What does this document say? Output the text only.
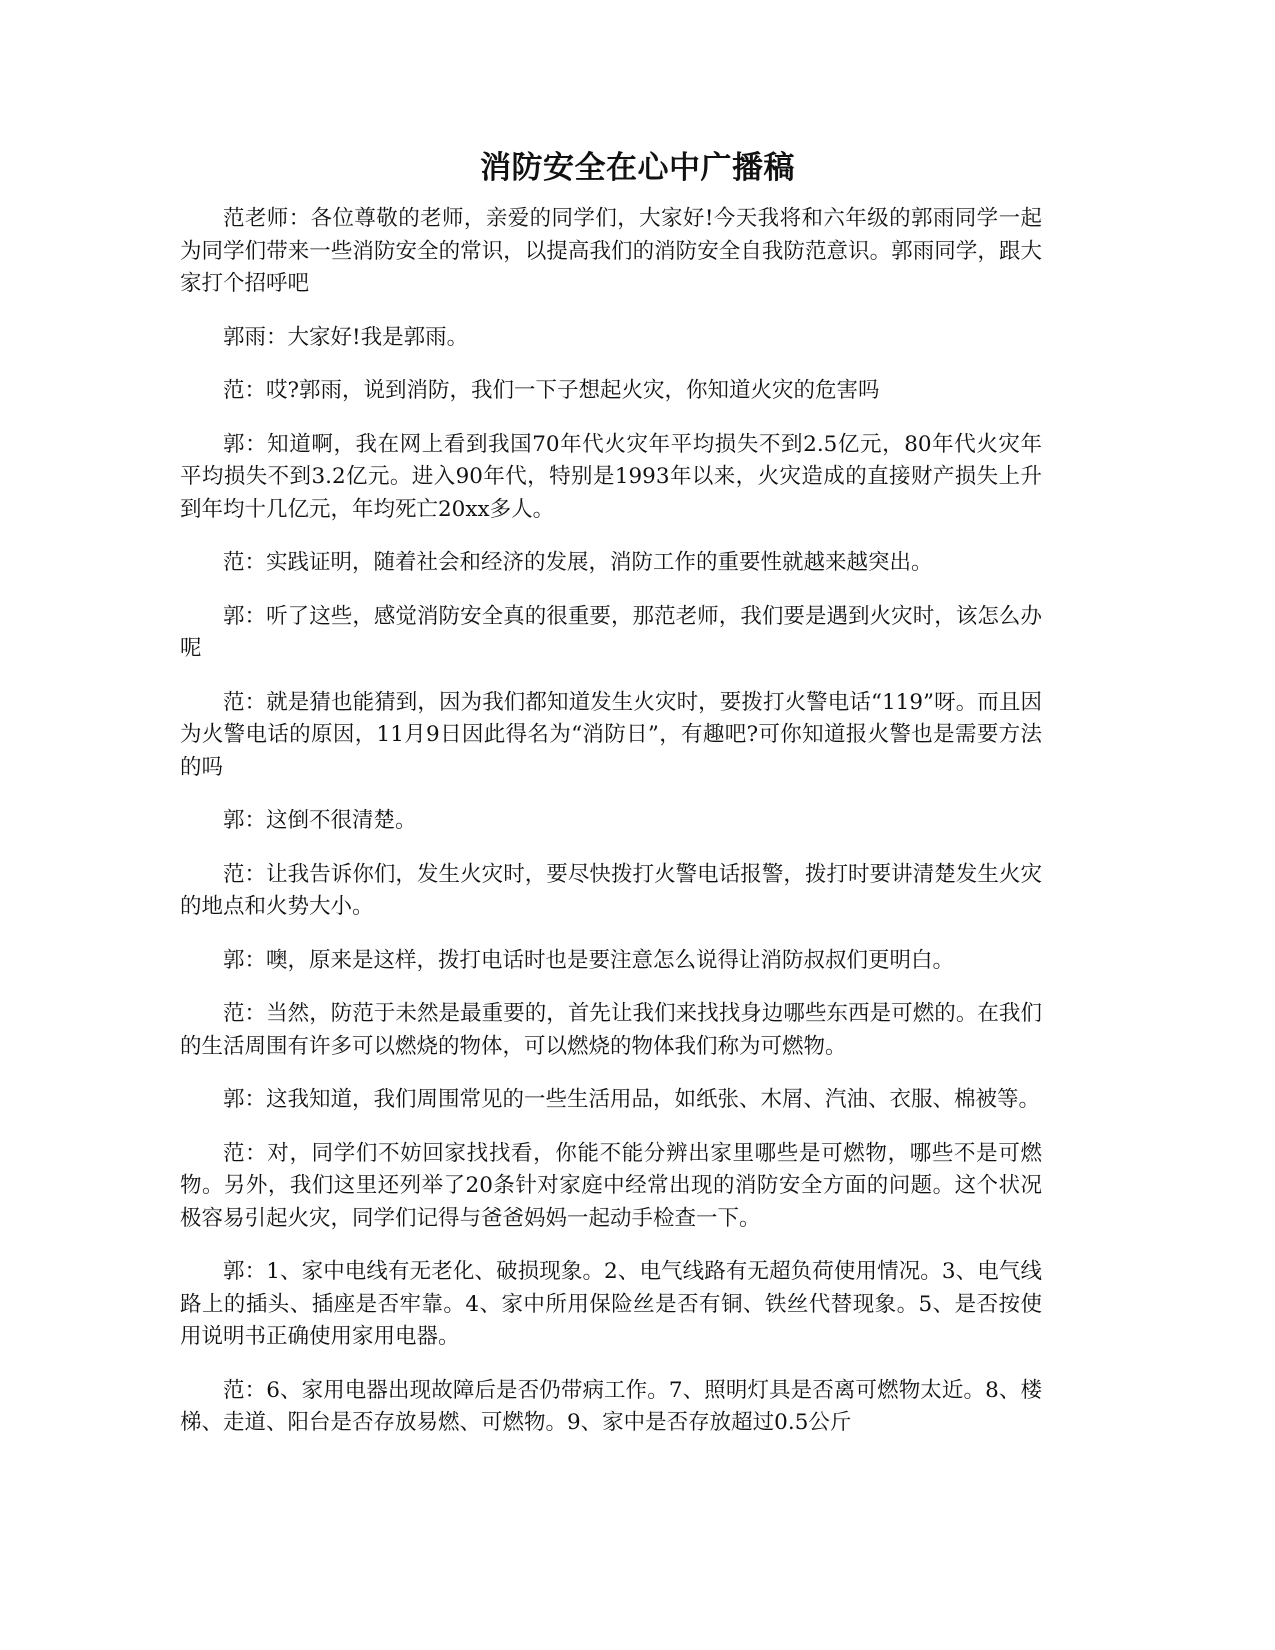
消防安全在心中广播稿

范老师：各位尊敬的老师，亲爱的同学们，大家好!今天我将和六年级的郭雨同学一起为同学们带来一些消防安全的常识，以提高我们的消防安全自我防范意识。郭雨同学，跟大家打个招呼吧

郭雨：大家好!我是郭雨。

范：哎?郭雨，说到消防，我们一下子想起火灾，你知道火灾的危害吗

郭：知道啊，我在网上看到我国70年代火灾年平均损失不到2.5亿元，80年代火灾年平均损失不到3.2亿元。进入90年代，特别是1993年以来，火灾造成的直接财产损失上升到年均十几亿元，年均死亡20xx多人。

范：实践证明，随着社会和经济的发展，消防工作的重要性就越来越突出。

郭：听了这些，感觉消防安全真的很重要，那范老师，我们要是遇到火灾时，该怎么办呢

范：就是猜也能猜到，因为我们都知道发生火灾时，要拨打火警电话“119”呀。而且因为火警电话的原因，11月9日因此得名为“消防日”，有趣吧?可你知道报火警也是需要方法的吗

郭：这倒不很清楚。

范：让我告诉你们，发生火灾时，要尽快拨打火警电话报警，拨打时要讲清楚发生火灾的地点和火势大小。

郭：噢，原来是这样，拨打电话时也是要注意怎么说得让消防叔叔们更明白。

范：当然，防范于未然是最重要的，首先让我们来找找身边哪些东西是可燃的。在我们的生活周围有许多可以燃烧的物体，可以燃烧的物体我们称为可燃物。

郭：这我知道，我们周围常见的一些生活用品，如纸张、木屑、汽油、衣服、棉被等。

范：对，同学们不妨回家找找看，你能不能分辨出家里哪些是可燃物，哪些不是可燃物。另外，我们这里还列举了20条针对家庭中经常出现的消防安全方面的问题。这个状况极容易引起火灾，同学们记得与爸爸妈妈一起动手检查一下。

郭：1、家中电线有无老化、破损现象。2、电气线路有无超负荷使用情况。3、电气线路上的插头、插座是否牢靠。4、家中所用保险丝是否有铜、铁丝代替现象。5、是否按使用说明书正确使用家用电器。

范：6、家用电器出现故障后是否仍带病工作。7、照明灯具是否离可燃物太近。8、楼梯、走道、阳台是否存放易燃、可燃物。9、家中是否存放超过0.5公斤
